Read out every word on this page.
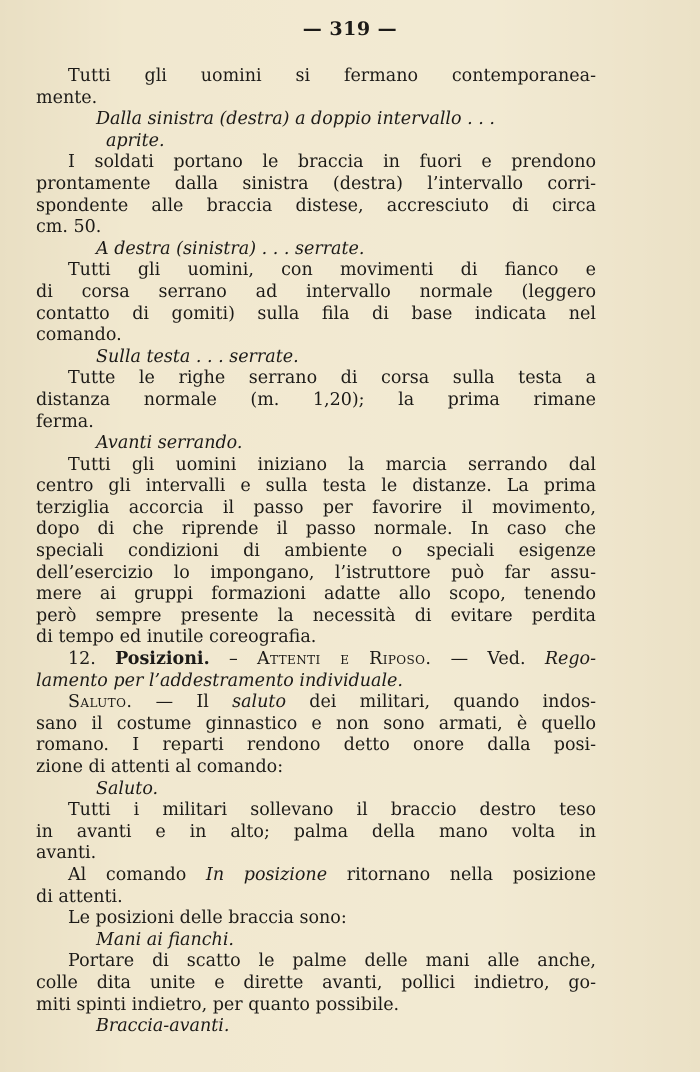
— 319 —
Tutti gli uomini si fermano contemporanea-
mente.
Dalla sinistra (destra) a doppio intervallo . . .
aprite.
I soldati portano le braccia in fuori e prendono
prontamente dalla sinistra (destra) l’intervallo corri-
spondente alle braccia distese, accresciuto di circa
cm. 50.
A destra (sinistra) . . . serrate.
Tutti gli uomini, con movimenti di fianco e
di corsa serrano ad intervallo normale (leggero
contatto di gomiti) sulla fila di base indicata nel
comando.
Sulla testa . . . serrate.
Tutte le righe serrano di corsa sulla testa a
distanza normale (m. 1,20); la prima rimane
ferma.
Avanti serrando.
Tutti gli uomini iniziano la marcia serrando dal
centro gli intervalli e sulla testa le distanze. La prima
terziglia accorcia il passo per favorire il movimento,
dopo di che riprende il passo normale. In caso che
speciali condizioni di ambiente o speciali esigenze
dell’esercizio lo impongano, l’istruttore può far assu-
mere ai gruppi formazioni adatte allo scopo, tenendo
però sempre presente la necessità di evitare perdita
di tempo ed inutile coreografia.
12. Posizioni. – Attenti e Riposo. — Ved. Rego-
lamento per l’addestramento individuale.
Saluto. — Il saluto dei militari, quando indos-
sano il costume ginnastico e non sono armati, è quello
romano. I reparti rendono detto onore dalla posi-
zione di attenti al comando:
Saluto.
Tutti i militari sollevano il braccio destro teso
in avanti e in alto; palma della mano volta in
avanti.
Al comando In posizione ritornano nella posizione
di attenti.
Le posizioni delle braccia sono:
Mani ai fianchi.
Portare di scatto le palme delle mani alle anche,
colle dita unite e dirette avanti, pollici indietro, go-
miti spinti indietro, per quanto possibile.
Braccia-avanti.
